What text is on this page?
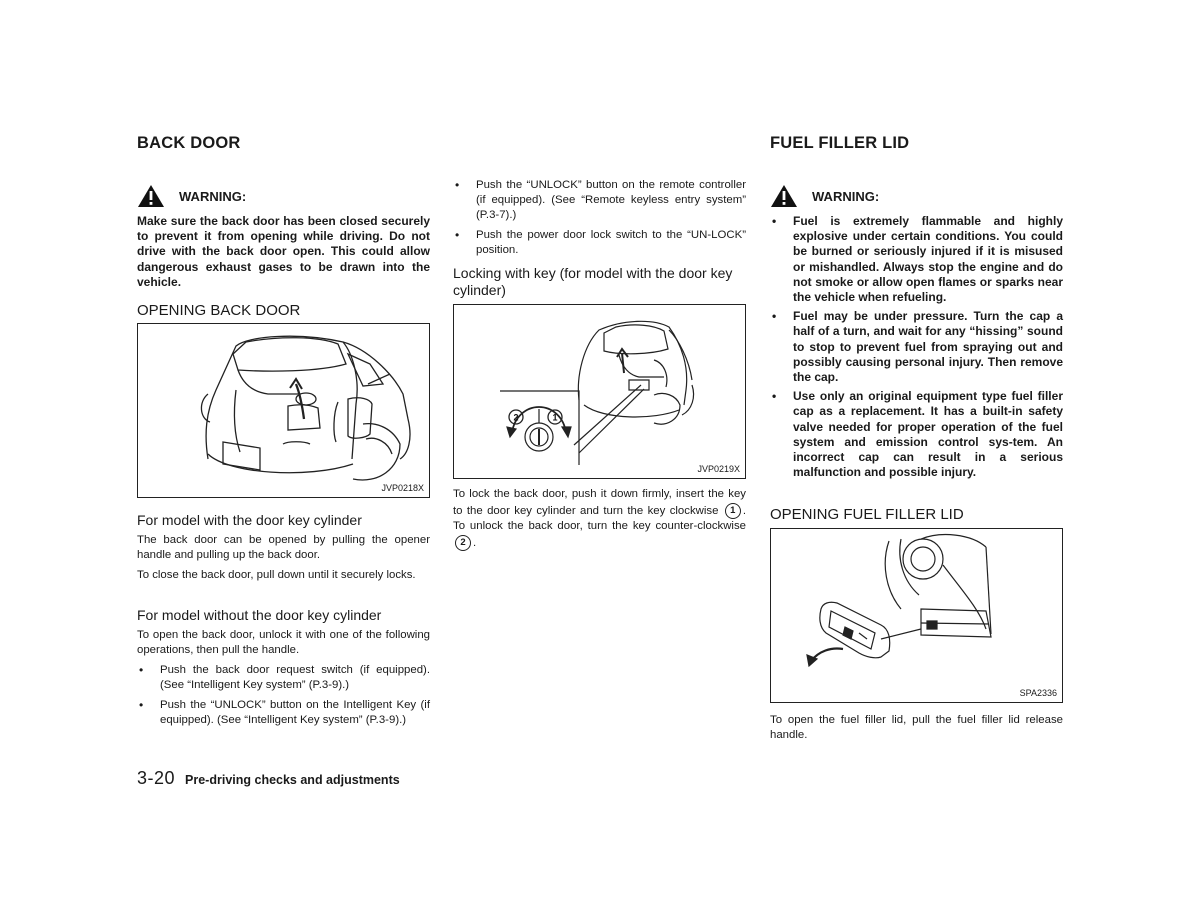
BACK DOOR
WARNING:

Make sure the back door has been closed securely to prevent it from opening while driving. Do not drive with the back door open. This could allow dangerous exhaust gases to be drawn into the vehicle.

OPENING BACK DOOR
JVP0218X
For model with the door key cylinder

The back door can be opened by pulling the opener handle and pulling up the back door.

To close the back door, pull down until it securely locks.

For model without the door key cylinder

To open the back door, unlock it with one of the following operations, then pull the handle.

• Push the back door request switch (if equipped). (See “Intelligent Key system” (P.3-9).)
• Push the “UNLOCK” button on the Intelligent Key (if equipped). (See “Intelligent Key system” (P.3-9).)
• Push the “UNLOCK” button on the remote controller (if equipped). (See “Remote keyless entry system” (P.3-7).)
• Push the power door lock switch to the “UN-LOCK” position.
Locking with key (for model with the door key cylinder)
2	1
JVP0219X

To lock the back door, push it down firmly, insert the key to the door key cylinder and turn the key clockwise 1 . To unlock the back door, turn the key counter-clockwise 2 .

FUEL FILLER LID
WARNING:
• Fuel is extremely flammable and highly explosive under certain conditions. You could be burned or seriously injured if it is misused or mishandled. Always stop the engine and do not smoke or allow open flames or sparks near the vehicle when refueling.
• Fuel may be under pressure. Turn the cap a half of a turn, and wait for any “hissing” sound to stop to prevent fuel from spraying out and possibly causing personal injury. Then remove the cap.
• Use only an original equipment type fuel filler cap as a replacement. It has a built-in safety valve needed for proper operation of the fuel system and emission control sys-tem. An incorrect cap can result in a serious malfunction and possible injury.
OPENING FUEL FILLER LID
SPA2336

To open the fuel filler lid, pull the fuel filler lid release handle.

3-20 Pre-driving checks and adjustments
